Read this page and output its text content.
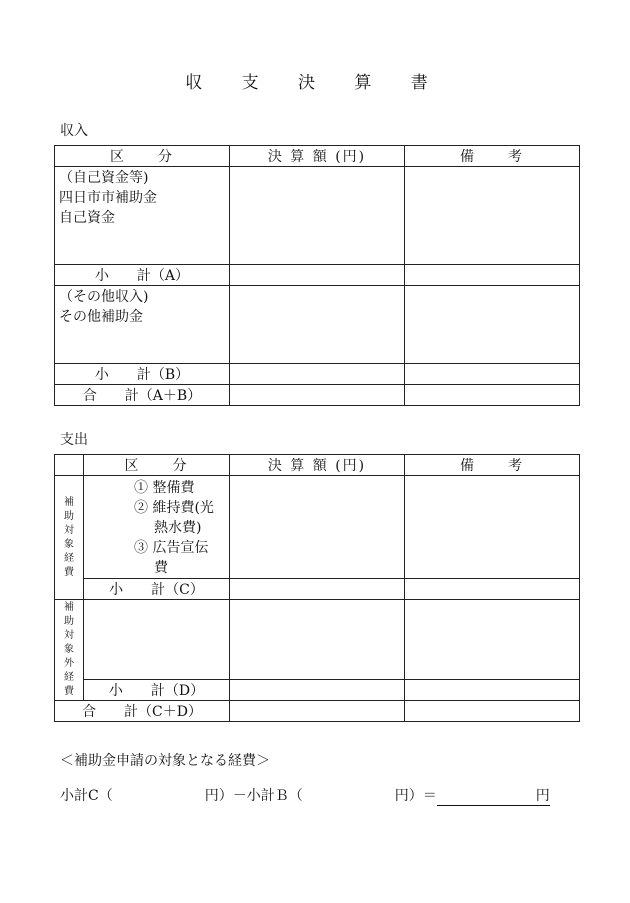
収 支 決 算 書
収入
区　　分	決 算 額 (円)	備　　考

（自己資金等)
四日市市補助金
自己資金		

小　　計（A）		

（その他収入)
その他補助金		

小　　計（B）		
合　　計（A＋B）		
支出
	区　　分	決 算 額 (円)	備　　考

補助対象経費	① 整備費
② 維持費(光
熱水費)
③ 広告宣伝
費		

	小　　計（C）		

補助対象外経費			

	小　　計（D）		
合　　計（C＋D）			
＜補助金申請の対象となる経費＞
小計C（	円）－小計Ｂ（	円）＝	円
